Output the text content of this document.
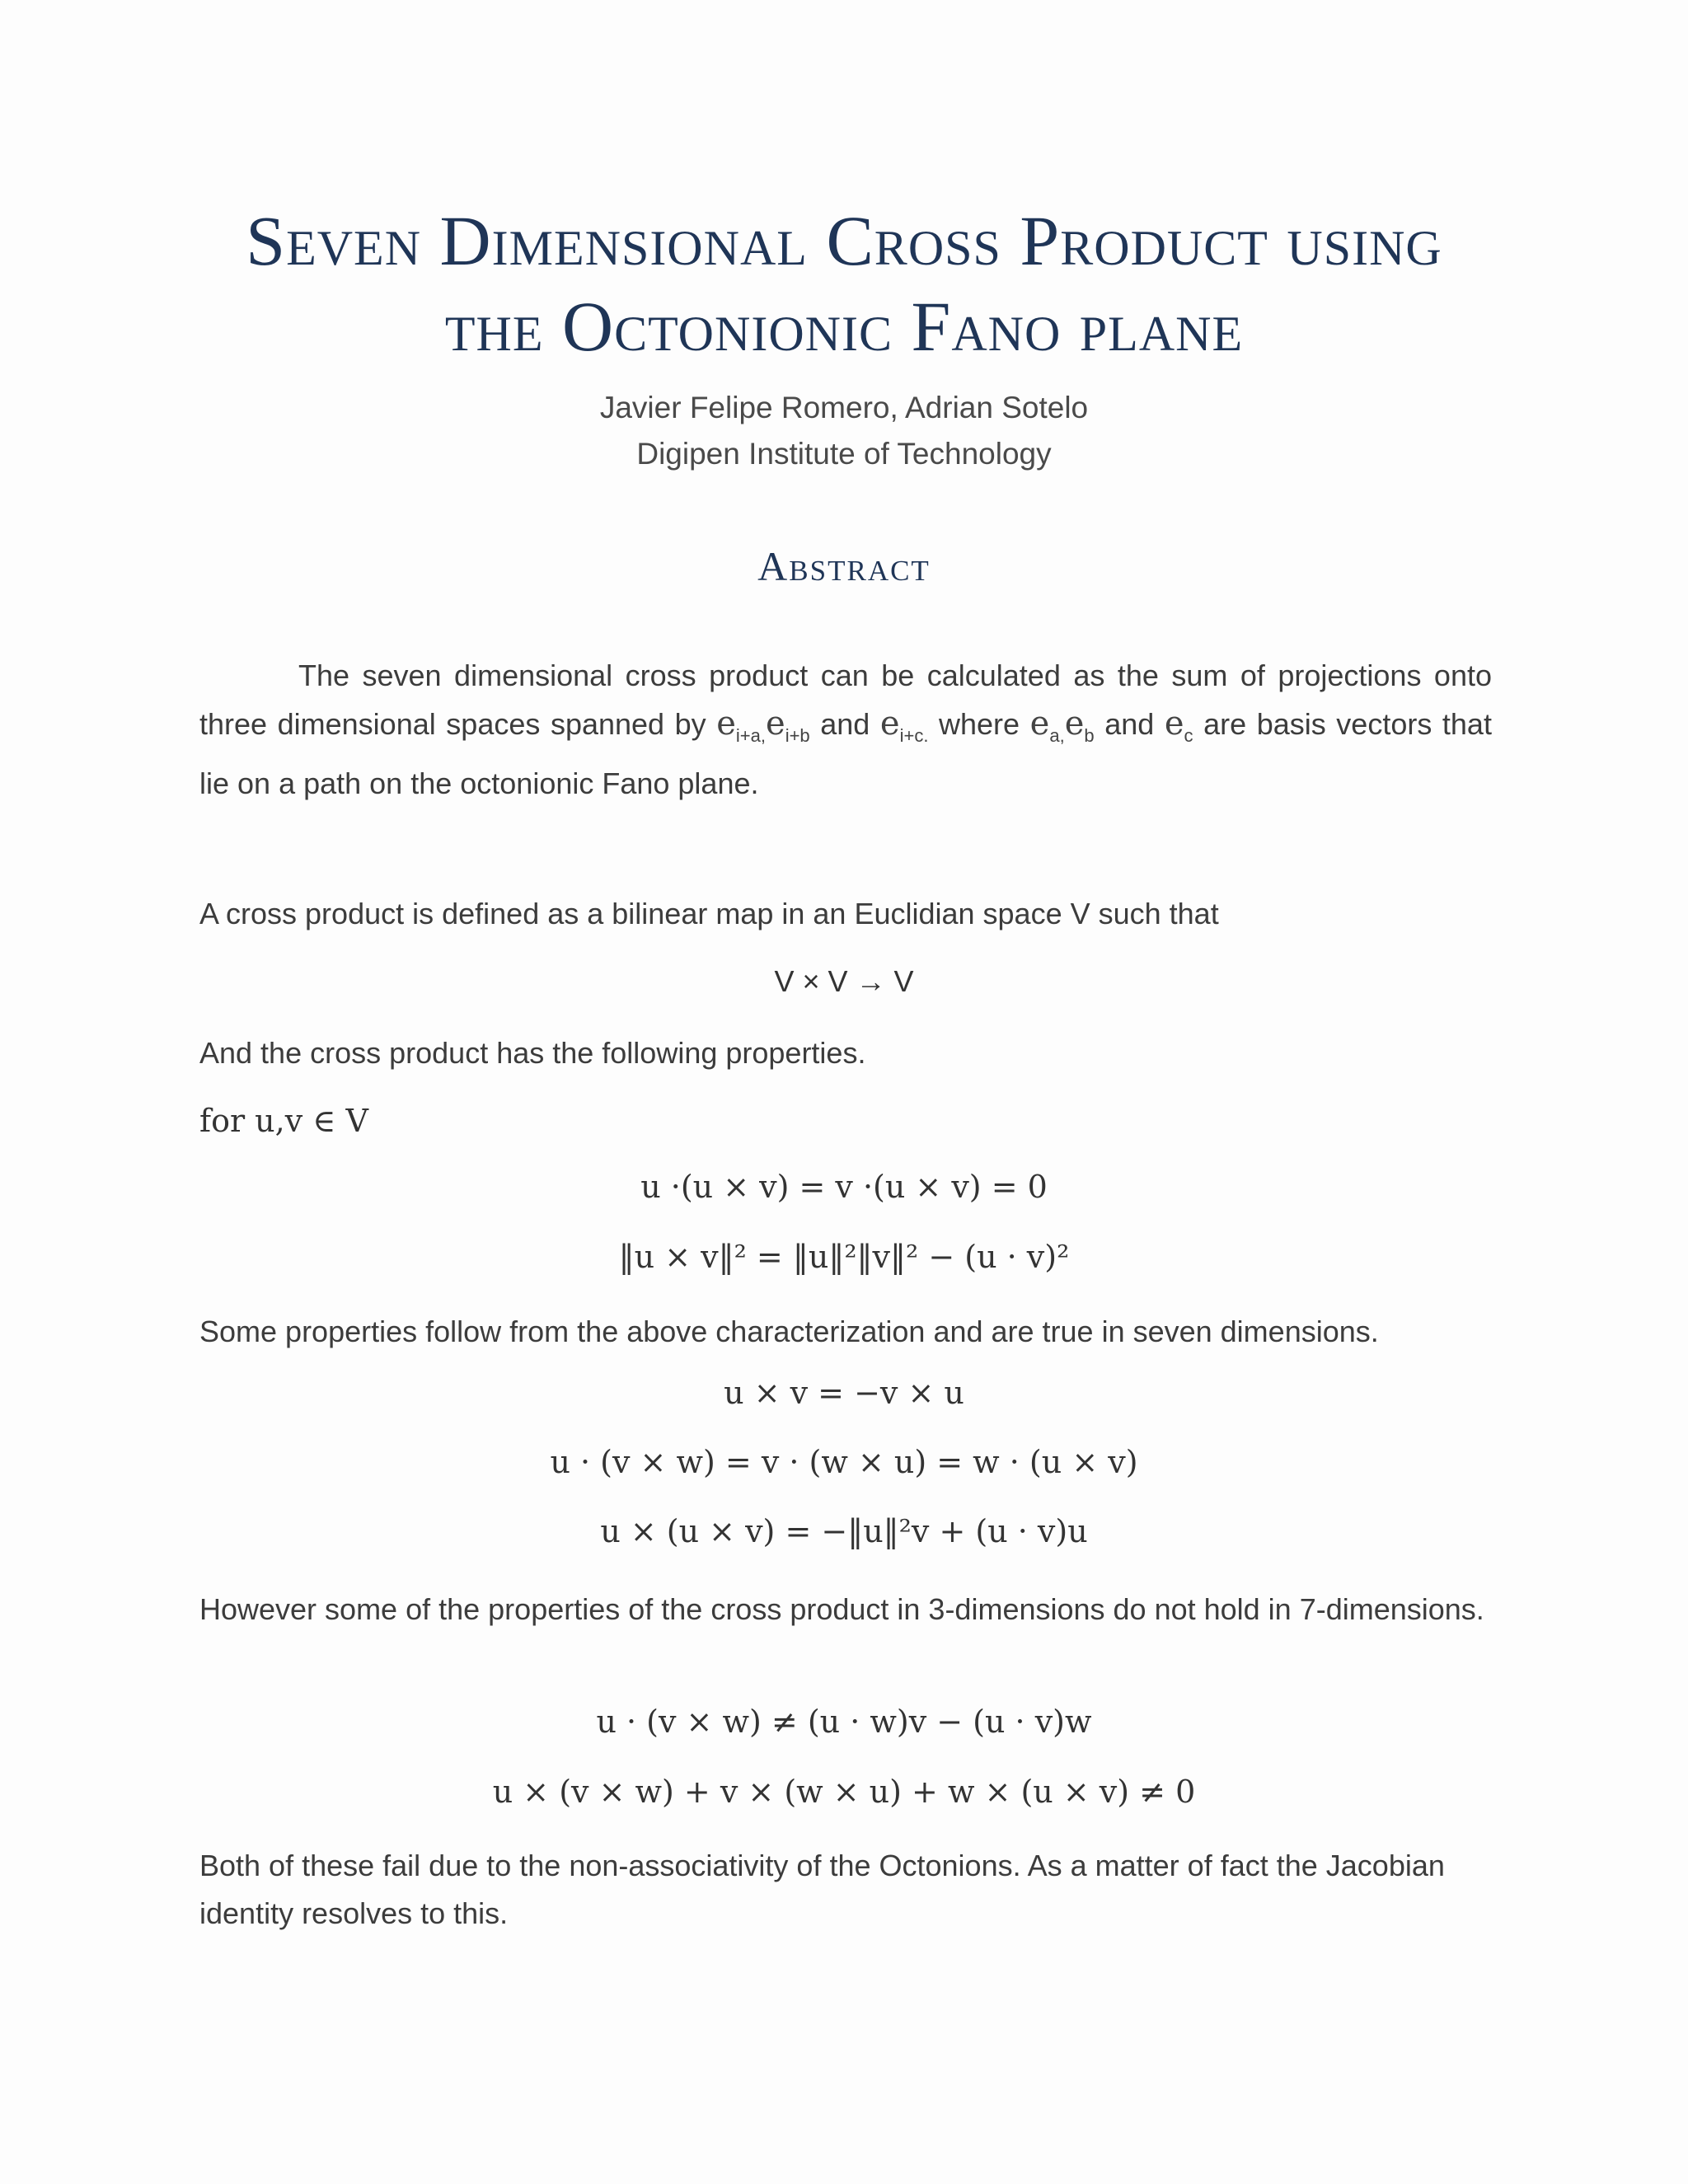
Seven Dimensional Cross Product using
the Octonionic Fano plane
Javier Felipe Romero, Adrian Sotelo
Digipen Institute of Technology
Abstract
The seven dimensional cross product can be calculated as the sum of projections onto three dimensional spaces spanned by $e_{i+a,}e_{i+b}$ and $e_{i+c.}$ where $e_{a,}e_b$ and $e_c$ are basis vectors that lie on a path on the octonionic Fano plane.
A cross product is defined as a bilinear map in an Euclidian space V such that
V × V → V
And the cross product has the following properties.
for u,v ∈ V
u ·(u × v) = v ·(u × v) = 0
‖u × v‖² = ‖u‖²‖v‖² − (u · v)²
Some properties follow from the above characterization and are true in seven dimensions.
u × v = −v × u
u · (v × w) = v · (w × u) = w · (u × v)
u × (u × v) = −‖u‖²v + (u · v)u
However some of the properties of the cross product in 3-dimensions do not hold in 7-dimensions.
u · (v × w) ≠ (u · w)v − (u · v)w
u × (v × w) + v × (w × u) + w × (u × v) ≠ 0
Both of these fail due to the non-associativity of the Octonions. As a matter of fact the Jacobian identity resolves to this.
